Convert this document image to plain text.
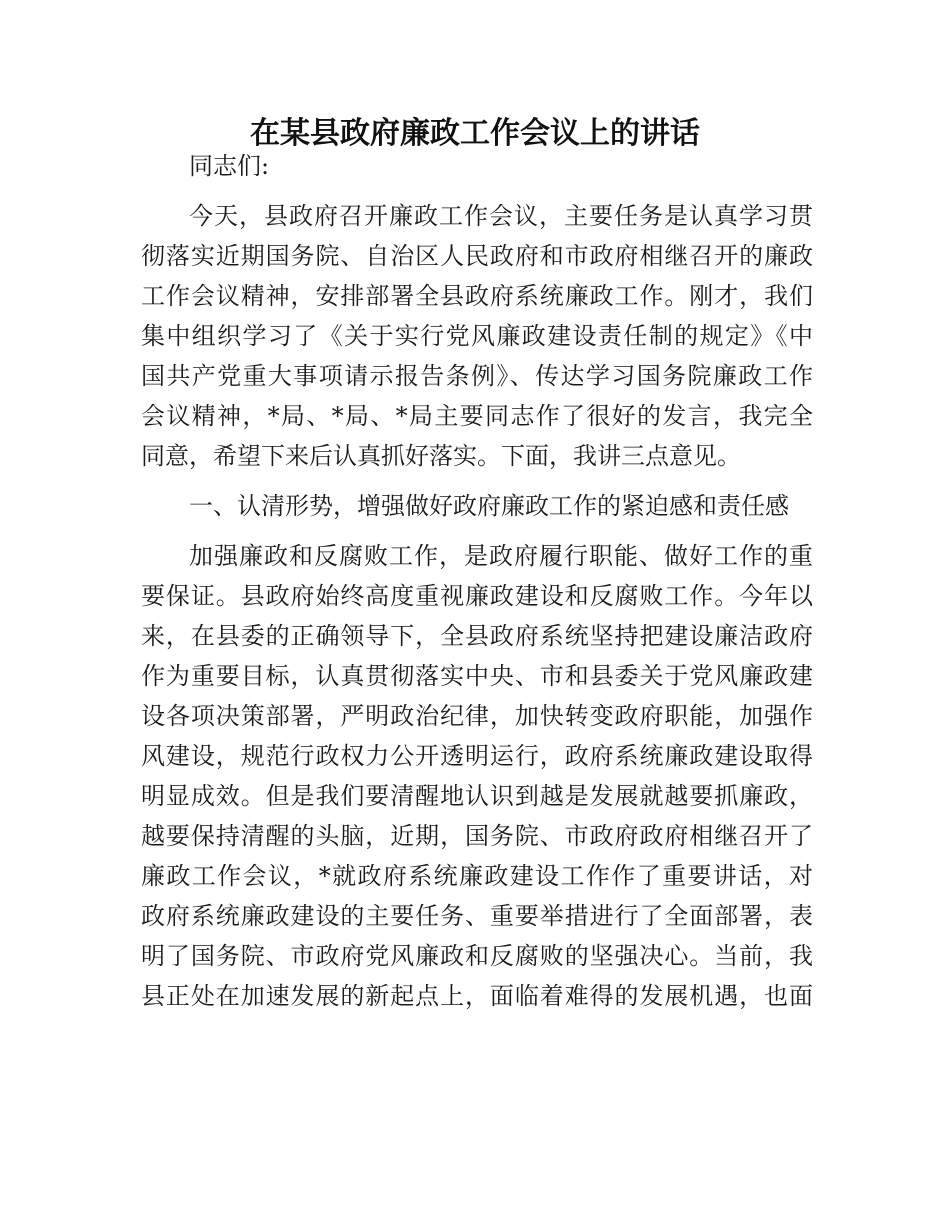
在某县政府廉政工作会议上的讲话
同志们:
今天，县政府召开廉政工作会议，主要任务是认真学习贯
彻落实近期国务院、自治区人民政府和市政府相继召开的廉政
工作会议精神，安排部署全县政府系统廉政工作。刚才，我们
集中组织学习了《关于实行党风廉政建设责任制的规定》《中
国共产党重大事项请示报告条例》、传达学习国务院廉政工作
会议精神，*局、*局、*局主要同志作了很好的发言，我完全
同意，希望下来后认真抓好落实。下面，我讲三点意见。
一、认清形势，增强做好政府廉政工作的紧迫感和责任感
加强廉政和反腐败工作，是政府履行职能、做好工作的重
要保证。县政府始终高度重视廉政建设和反腐败工作。今年以
来，在县委的正确领导下，全县政府系统坚持把建设廉洁政府
作为重要目标，认真贯彻落实中央、市和县委关于党风廉政建
设各项决策部署，严明政治纪律，加快转变政府职能，加强作
风建设，规范行政权力公开透明运行，政府系统廉政建设取得
明显成效。但是我们要清醒地认识到越是发展就越要抓廉政，
越要保持清醒的头脑，近期，国务院、市政府政府相继召开了
廉政工作会议，*就政府系统廉政建设工作作了重要讲话，对
政府系统廉政建设的主要任务、重要举措进行了全面部署，表
明了国务院、市政府党风廉政和反腐败的坚强决心。当前，我
县正处在加速发展的新起点上，面临着难得的发展机遇，也面
